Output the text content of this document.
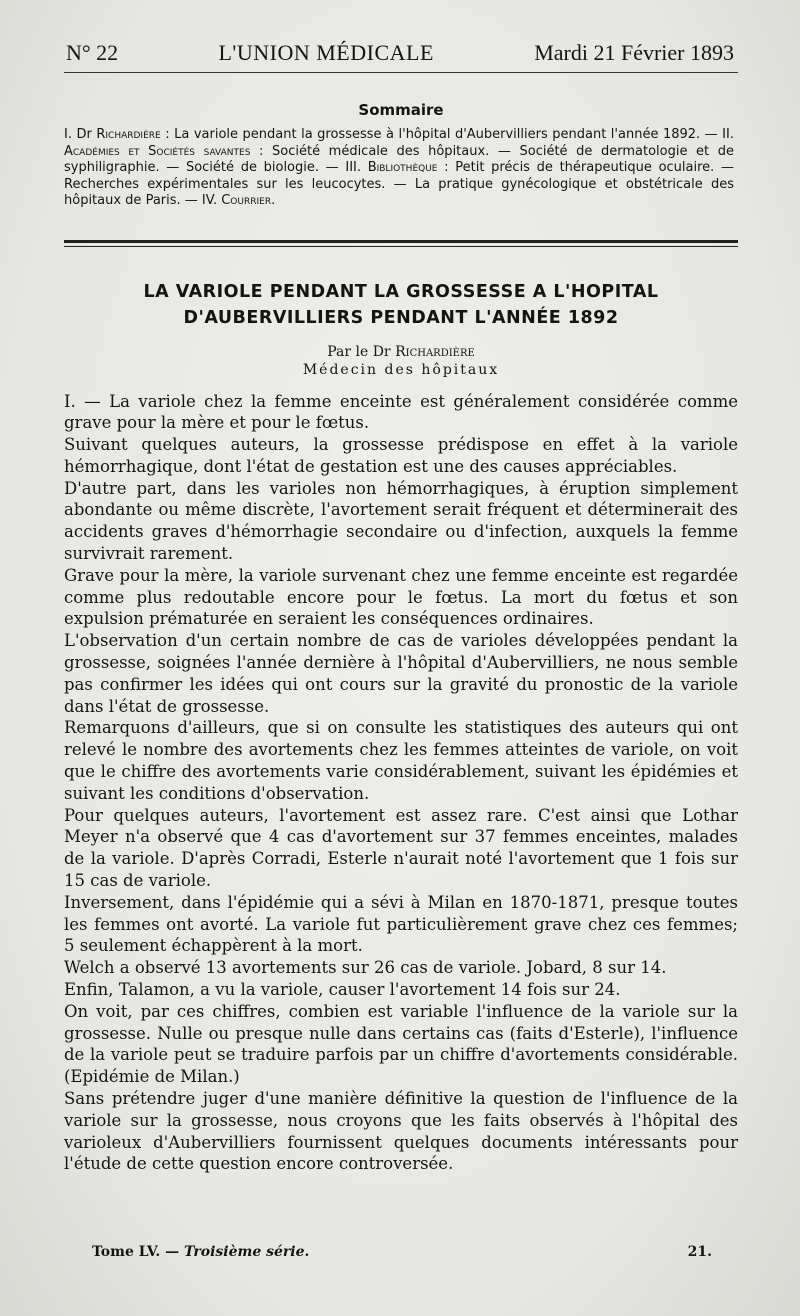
N° 22	L'UNION MÉDICALE	Mardi 21 Février 1893
Sommaire
I. Dr Richardière : La variole pendant la grossesse à l'hôpital d'Aubervilliers pendant l'année 1892. — II. Académies et Sociétés savantes : Société médicale des hôpitaux. — Société de dermatologie et de syphiligraphie. — Société de biologie. — III. Bibliothèque : Petit précis de thérapeutique oculaire. — Recherches expérimentales sur les leucocytes. — La pratique gynécologique et obstétricale des hôpitaux de Paris. — IV. Courrier.
LA VARIOLE PENDANT LA GROSSESSE A L'HOPITAL
D'AUBERVILLIERS PENDANT L'ANNÉE 1892
Par le Dr Richardière
Médecin des hôpitaux

I. — La variole chez la femme enceinte est généralement considérée comme grave pour la mère et pour le fœtus.

Suivant quelques auteurs, la grossesse prédispose en effet à la variole hémorrhagique, dont l'état de gestation est une des causes appréciables.

D'autre part, dans les varioles non hémorrhagiques, à éruption simplement abondante ou même discrète, l'avortement serait fréquent et déterminerait des accidents graves d'hémorrhagie secondaire ou d'infection, auxquels la femme survivrait rarement.

Grave pour la mère, la variole survenant chez une femme enceinte est regardée comme plus redoutable encore pour le fœtus. La mort du fœtus et son expulsion prématurée en seraient les conséquences ordinaires.

L'observation d'un certain nombre de cas de varioles développées pendant la grossesse, soignées l'année dernière à l'hôpital d'Aubervilliers, ne nous semble pas confirmer les idées qui ont cours sur la gravité du pronostic de la variole dans l'état de grossesse.

Remarquons d'ailleurs, que si on consulte les statistiques des auteurs qui ont relevé le nombre des avortements chez les femmes atteintes de variole, on voit que le chiffre des avortements varie considérablement, suivant les épidémies et suivant les conditions d'observation.

Pour quelques auteurs, l'avortement est assez rare. C'est ainsi que Lothar Meyer n'a observé que 4 cas d'avortement sur 37 femmes enceintes, malades de la variole. D'après Corradi, Esterle n'aurait noté l'avortement que 1 fois sur 15 cas de variole.

Inversement, dans l'épidémie qui a sévi à Milan en 1870-1871, presque toutes les femmes ont avorté. La variole fut particulièrement grave chez ces femmes; 5 seulement échappèrent à la mort.

Welch a observé 13 avortements sur 26 cas de variole. Jobard, 8 sur 14.

Enfin, Talamon, a vu la variole, causer l'avortement 14 fois sur 24.

On voit, par ces chiffres, combien est variable l'influence de la variole sur la grossesse. Nulle ou presque nulle dans certains cas (faits d'Esterle), l'influence de la variole peut se traduire parfois par un chiffre d'avortements considérable. (Epidémie de Milan.)

Sans prétendre juger d'une manière définitive la question de l'influence de la variole sur la grossesse, nous croyons que les faits observés à l'hôpital des varioleux d'Aubervilliers fournissent quelques documents intéressants pour l'étude de cette question encore controversée.

Tome LV. — Troisième série.	21.
